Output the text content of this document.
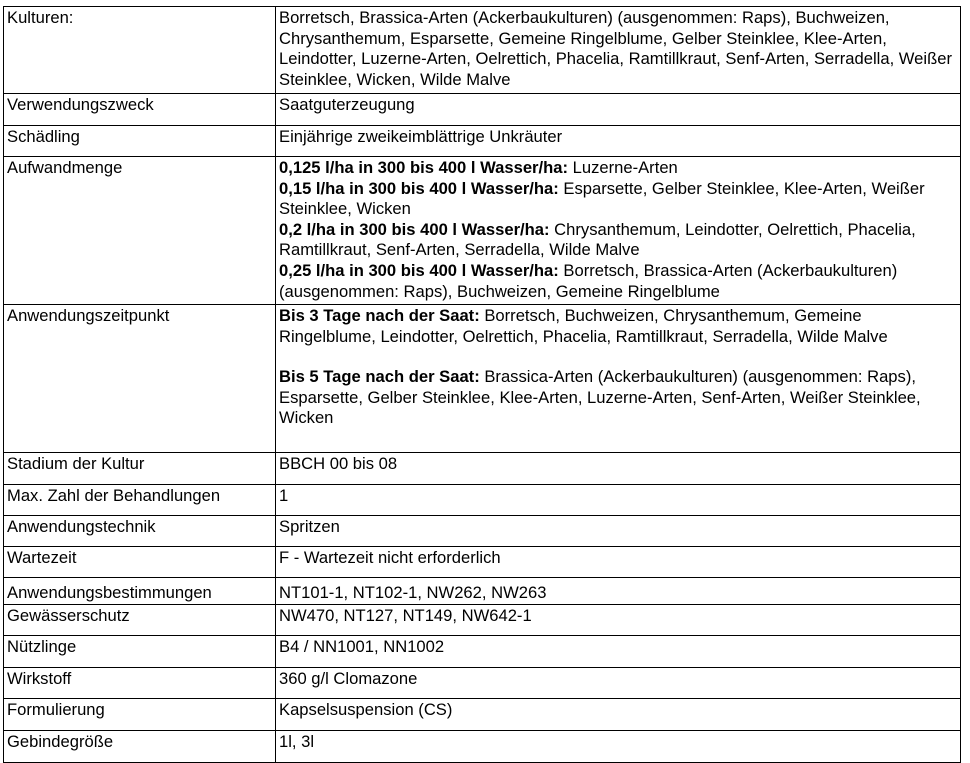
Kulturen:	Borretsch, Brassica-Arten (Ackerbaukulturen) (ausgenommen: Raps), Buchweizen, Chrysanthemum, Esparsette, Gemeine Ringelblume, Gelber Steinklee, Klee-Arten, Leindotter, Luzerne-Arten, Oelrettich, Phacelia, Ramtillkraut, Senf-Arten, Serradella, Weißer Steinklee, Wicken, Wilde Malve
Verwendungszweck	Saatguterzeugung
Schädling	Einjährige zweikeimblättrige Unkräuter
Aufwandmenge	0,125 l/ha in 300 bis 400 l Wasser/ha: Luzerne-Arten
0,15 l/ha in 300 bis 400 l Wasser/ha: Esparsette, Gelber Steinklee, Klee-Arten, Weißer Steinklee, Wicken
0,2 l/ha in 300 bis 400 l Wasser/ha: Chrysanthemum, Leindotter, Oelrettich, Phacelia, Ramtillkraut, Senf-Arten, Serradella, Wilde Malve
0,25 l/ha in 300 bis 400 l Wasser/ha: Borretsch, Brassica-Arten (Ackerbaukulturen) (ausgenommen: Raps), Buchweizen, Gemeine Ringelblume

Anwendungszeitpunkt	Bis 3 Tage nach der Saat: Borretsch, Buchweizen, Chrysanthemum, Gemeine Ringelblume, Leindotter, Oelrettich, Phacelia, Ramtillkraut, Serradella, Wilde Malve
Bis 5 Tage nach der Saat: Brassica-Arten (Ackerbaukulturen) (ausgenommen: Raps), Esparsette, Gelber Steinklee, Klee-Arten, Luzerne-Arten, Senf-Arten, Weißer Steinklee, Wicken

Stadium der Kultur	BBCH 00 bis 08
Max. Zahl der Behandlungen	1
Anwendungstechnik	Spritzen
Wartezeit	F - Wartezeit nicht erforderlich
Anwendungsbestimmungen	NT101-1, NT102-1, NW262, NW263
Gewässerschutz	NW470, NT127, NT149, NW642-1
Nützlinge	B4 / NN1001, NN1002
Wirkstoff	360 g/l Clomazone
Formulierung	Kapselsuspension (CS)
Gebindegröße	1l, 3l
